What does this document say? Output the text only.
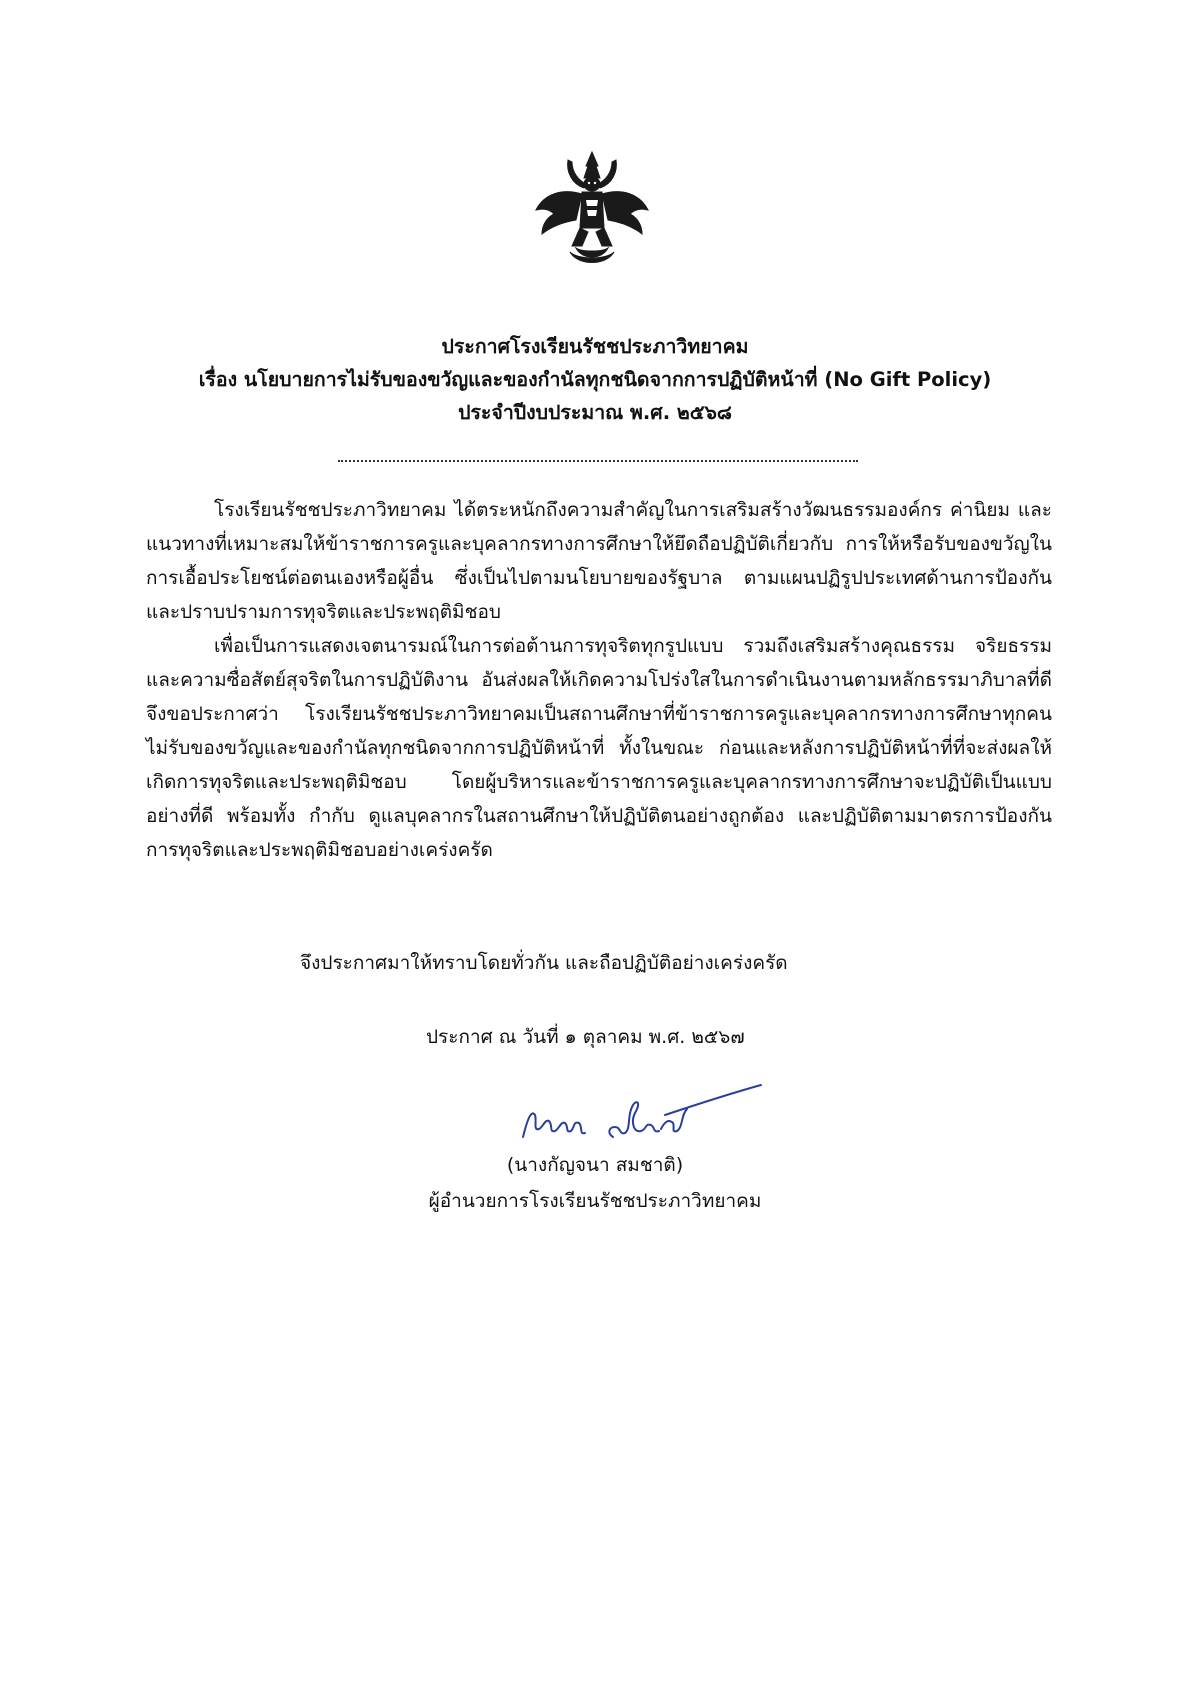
ประกาศโรงเรียนรัชชประภาวิทยาคม
เรื่อง นโยบายการไม่รับของขวัญและของกำนัลทุกชนิดจากการปฏิบัติหน้าที่ (No Gift Policy)
ประจำปีงบประมาณ พ.ศ. ๒๕๖๘

โรงเรียนรัชชประภาวิทยาคม ได้ตระหนักถึงความสำคัญในการเสริมสร้างวัฒนธรรมองค์กร ค่านิยม และแนวทางที่เหมาะสมให้ข้าราชการครูและบุคลากรทางการศึกษาให้ยึดถือปฏิบัติเกี่ยวกับ การให้หรือรับของขวัญในการเอื้อประโยชน์ต่อตนเองหรือผู้อื่น ซึ่งเป็นไปตามนโยบายของรัฐบาล ตามแผนปฏิรูปประเทศด้านการป้องกันและปราบปรามการทุจริตและประพฤติมิชอบ

เพื่อเป็นการแสดงเจตนารมณ์ในการต่อต้านการทุจริตทุกรูปแบบ รวมถึงเสริมสร้างคุณธรรม จริยธรรม และความซื่อสัตย์สุจริตในการปฏิบัติงาน อันส่งผลให้เกิดความโปร่งใสในการดำเนินงานตามหลักธรรมาภิบาลที่ดี จึงขอประกาศว่า โรงเรียนรัชชประภาวิทยาคมเป็นสถานศึกษาที่ข้าราชการครูและบุคลากรทางการศึกษาทุกคนไม่รับของขวัญและของกำนัลทุกชนิดจากการปฏิบัติหน้าที่ ทั้งในขณะ ก่อนและหลังการปฏิบัติหน้าที่ที่จะส่งผลให้เกิดการทุจริตและประพฤติมิชอบ โดยผู้บริหารและข้าราชการครูและบุคลากรทางการศึกษาจะปฏิบัติเป็นแบบอย่างที่ดี พร้อมทั้ง กำกับ ดูแลบุคลากรในสถานศึกษาให้ปฏิบัติตนอย่างถูกต้อง และปฏิบัติตามมาตรการป้องกันการทุจริตและประพฤติมิชอบอย่างเคร่งครัด

จึงประกาศมาให้ทราบโดยทั่วกัน และถือปฏิบัติอย่างเคร่งครัด
ประกาศ ณ วันที่ ๑ ตุลาคม พ.ศ. ๒๕๖๗
(นางกัญจนา สมชาติ)
ผู้อำนวยการโรงเรียนรัชชประภาวิทยาคม
